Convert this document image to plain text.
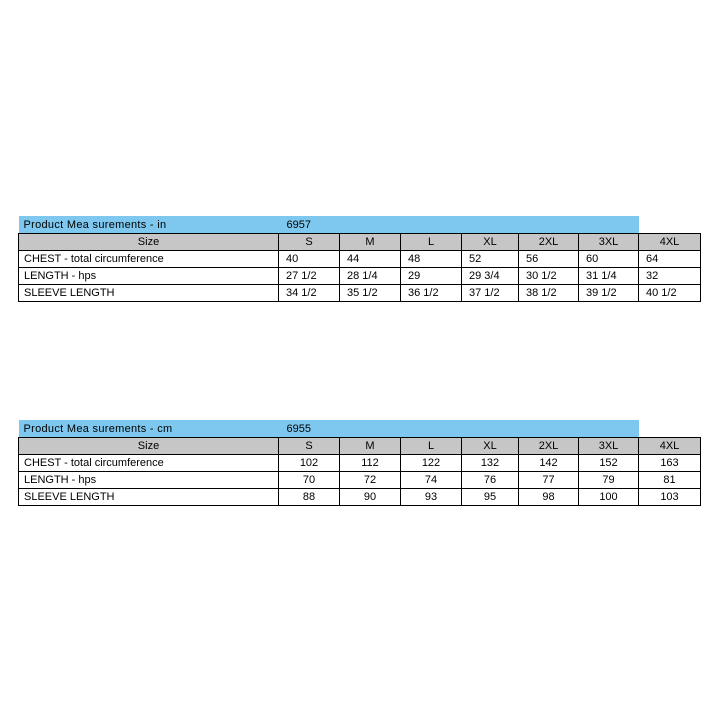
Product Mea surements - in	6957						
Size	S	M	L	XL	2XL	3XL	4XL
CHEST - total circumference	40	44	48	52	56	60	64
LENGTH - hps	27 1/2	28 1/4	29	29 3/4	30 1/2	31 1/4	32
SLEEVE LENGTH	34 1/2	35 1/2	36 1/2	37 1/2	38 1/2	39 1/2	40 1/2
Product Mea surements - cm	6955						
Size	S	M	L	XL	2XL	3XL	4XL
CHEST - total circumference	102	112	122	132	142	152	163
LENGTH - hps	70	72	74	76	77	79	81
SLEEVE LENGTH	88	90	93	95	98	100	103
